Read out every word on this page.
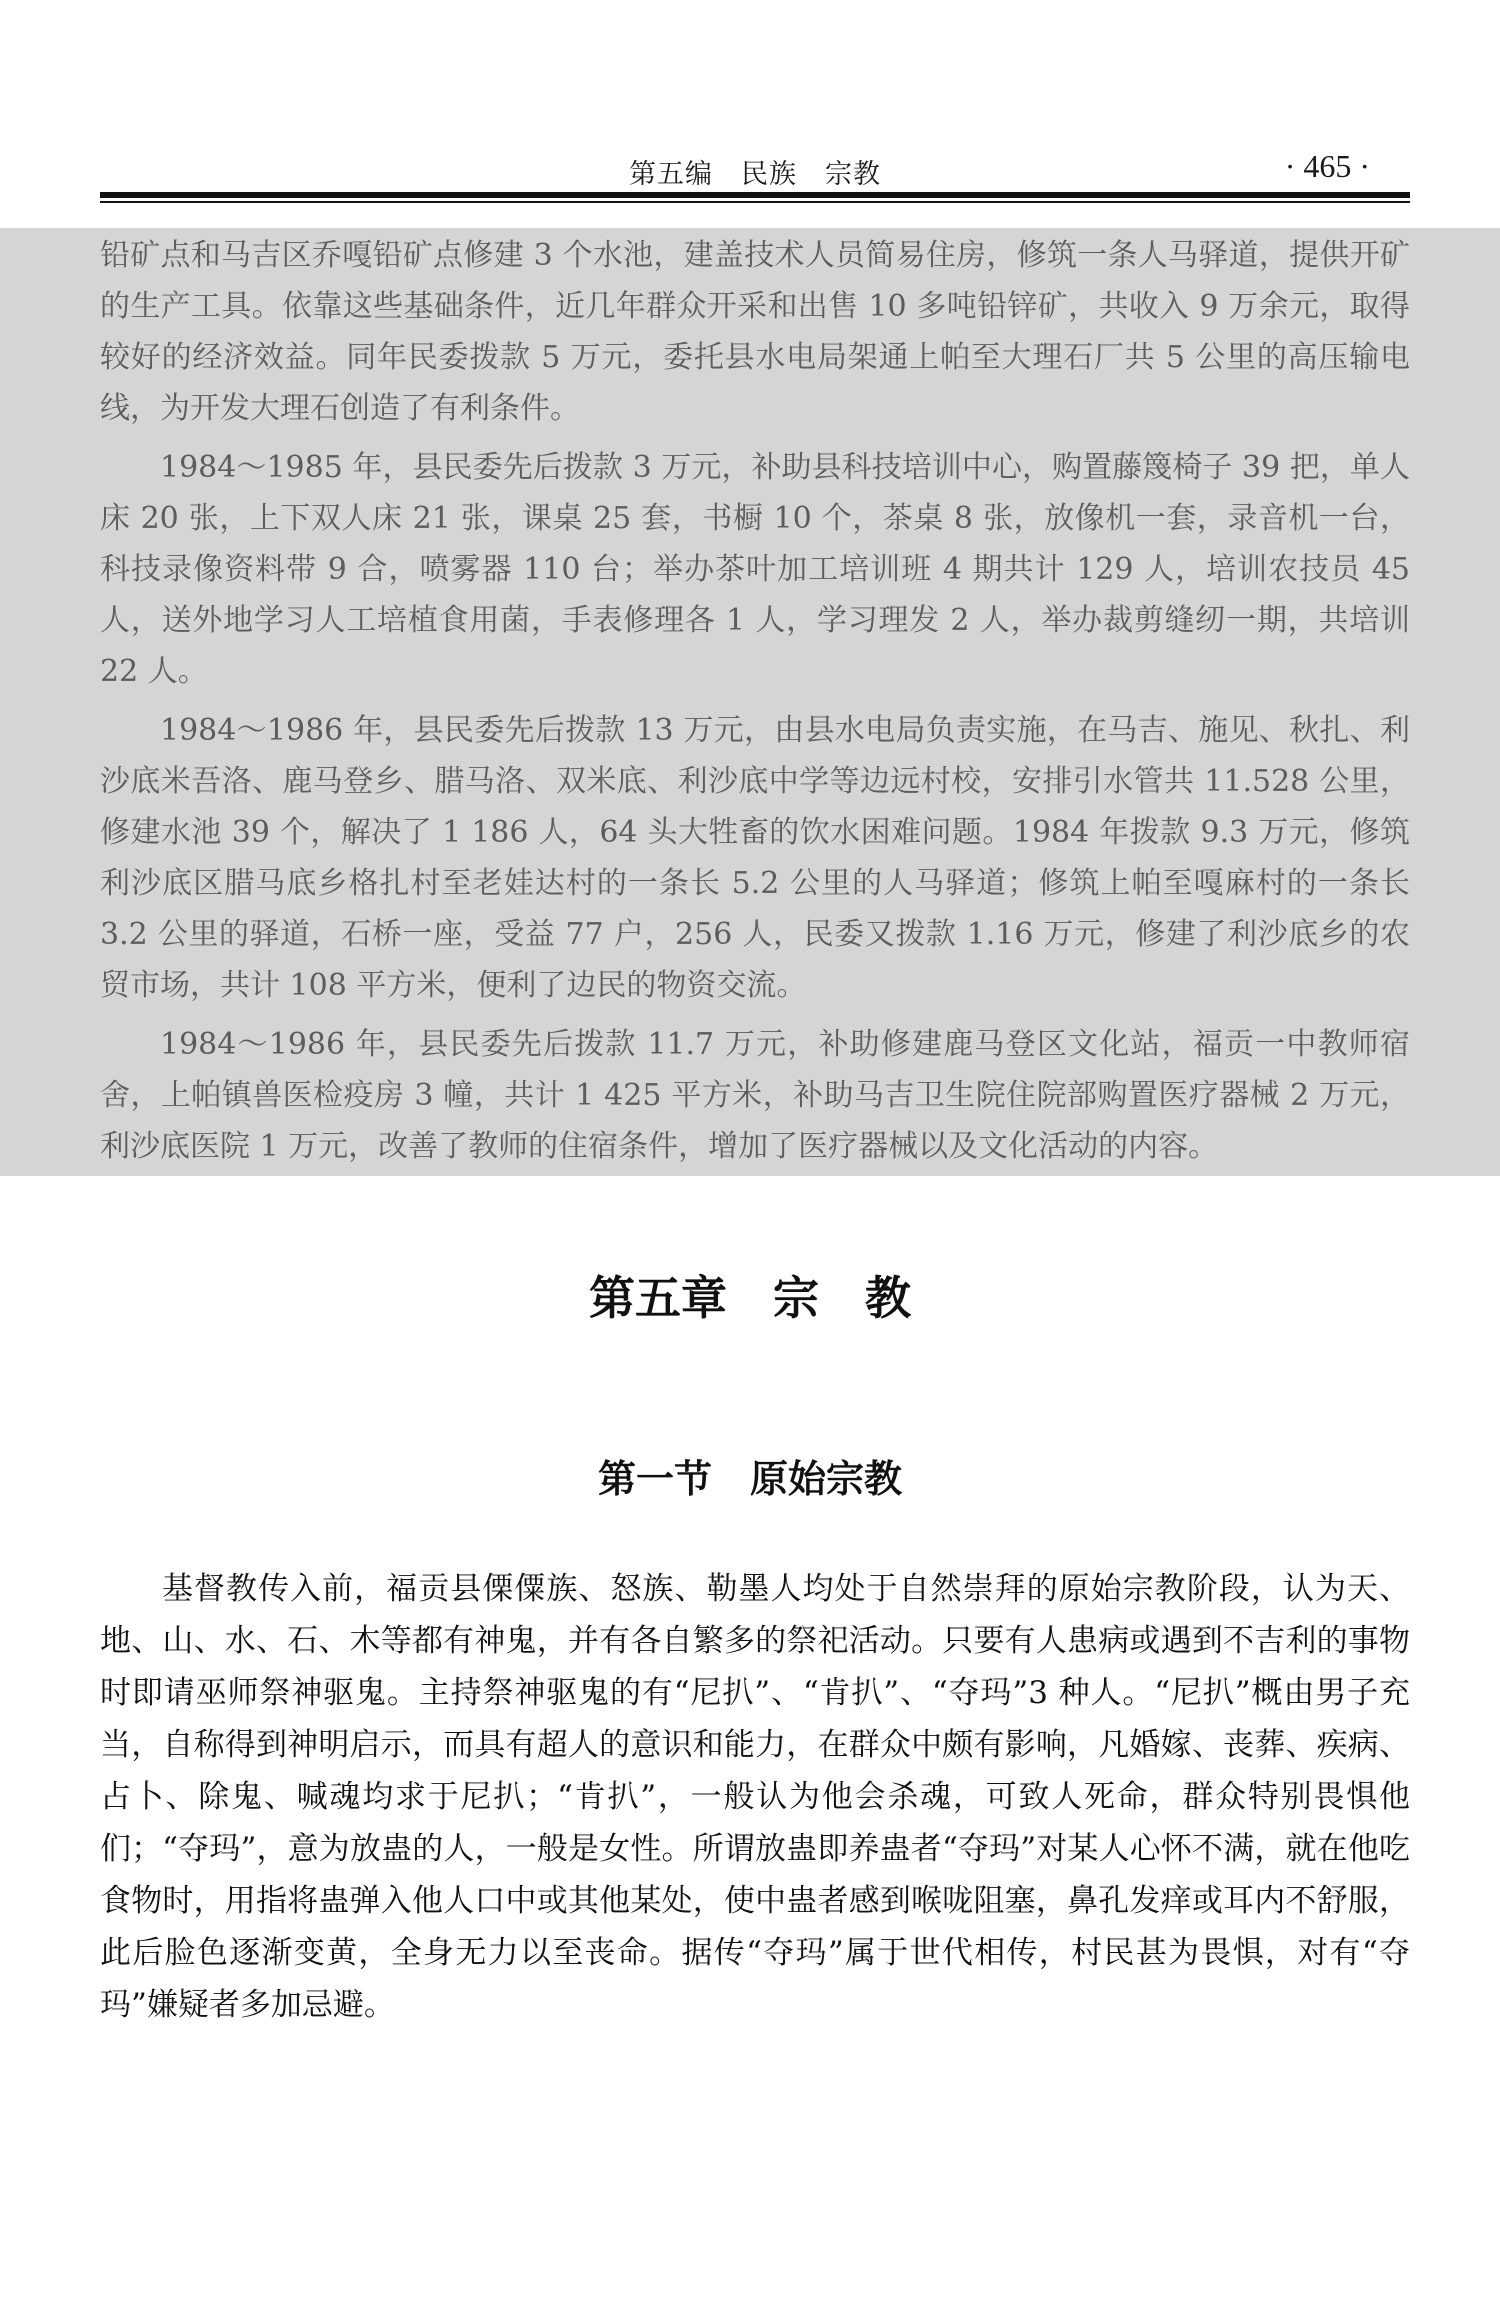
第五编　民族　宗教	· 465 ·

铅矿点和马吉区乔嘎铅矿点修建 3 个水池，建盖技术人员简易住房，修筑一条人马驿道，提供开矿的生产工具。依靠这些基础条件，近几年群众开采和出售 10 多吨铅锌矿，共收入 9 万余元，取得较好的经济效益。同年民委拨款 5 万元，委托县水电局架通上帕至大理石厂共 5 公里的高压输电线，为开发大理石创造了有利条件。

1984～1985 年，县民委先后拨款 3 万元，补助县科技培训中心，购置藤篾椅子 39 把，单人床 20 张，上下双人床 21 张，课桌 25 套，书橱 10 个，茶桌 8 张，放像机一套，录音机一台，科技录像资料带 9 合，喷雾器 110 台；举办茶叶加工培训班 4 期共计 129 人，培训农技员 45 人，送外地学习人工培植食用菌，手表修理各 1 人，学习理发 2 人，举办裁剪缝纫一期，共培训 22 人。

1984～1986 年，县民委先后拨款 13 万元，由县水电局负责实施，在马吉、施见、秋扎、利沙底米吾洛、鹿马登乡、腊马洛、双米底、利沙底中学等边远村校，安排引水管共 11.528 公里，修建水池 39 个，解决了 1 186 人，64 头大牲畜的饮水困难问题。1984 年拨款 9.3 万元，修筑利沙底区腊马底乡格扎村至老娃达村的一条长 5.2 公里的人马驿道；修筑上帕至嘎麻村的一条长 3.2 公里的驿道，石桥一座，受益 77 户，256 人，民委又拨款 1.16 万元，修建了利沙底乡的农贸市场，共计 108 平方米，便利了边民的物资交流。

1984～1986 年，县民委先后拨款 11.7 万元，补助修建鹿马登区文化站，福贡一中教师宿舍，上帕镇兽医检疫房 3 幢，共计 1 425 平方米，补助马吉卫生院住院部购置医疗器械 2 万元，利沙底医院 1 万元，改善了教师的住宿条件，增加了医疗器械以及文化活动的内容。

第五章　宗　教
第一节　原始宗教

基督教传入前，福贡县傈僳族、怒族、勒墨人均处于自然崇拜的原始宗教阶段，认为天、地、山、水、石、木等都有神鬼，并有各自繁多的祭祀活动。只要有人患病或遇到不吉利的事物时即请巫师祭神驱鬼。主持祭神驱鬼的有“尼扒”、“肯扒”、“夺玛”3 种人。“尼扒”概由男子充当，自称得到神明启示，而具有超人的意识和能力，在群众中颇有影响，凡婚嫁、丧葬、疾病、占卜、除鬼、喊魂均求于尼扒；“肯扒”，一般认为他会杀魂，可致人死命，群众特别畏惧他们；“夺玛”，意为放蛊的人，一般是女性。所谓放蛊即养蛊者“夺玛”对某人心怀不满，就在他吃食物时，用指将蛊弹入他人口中或其他某处，使中蛊者感到喉咙阻塞，鼻孔发痒或耳内不舒服，此后脸色逐渐变黄，全身无力以至丧命。据传“夺玛”属于世代相传，村民甚为畏惧，对有“夺玛”嫌疑者多加忌避。
